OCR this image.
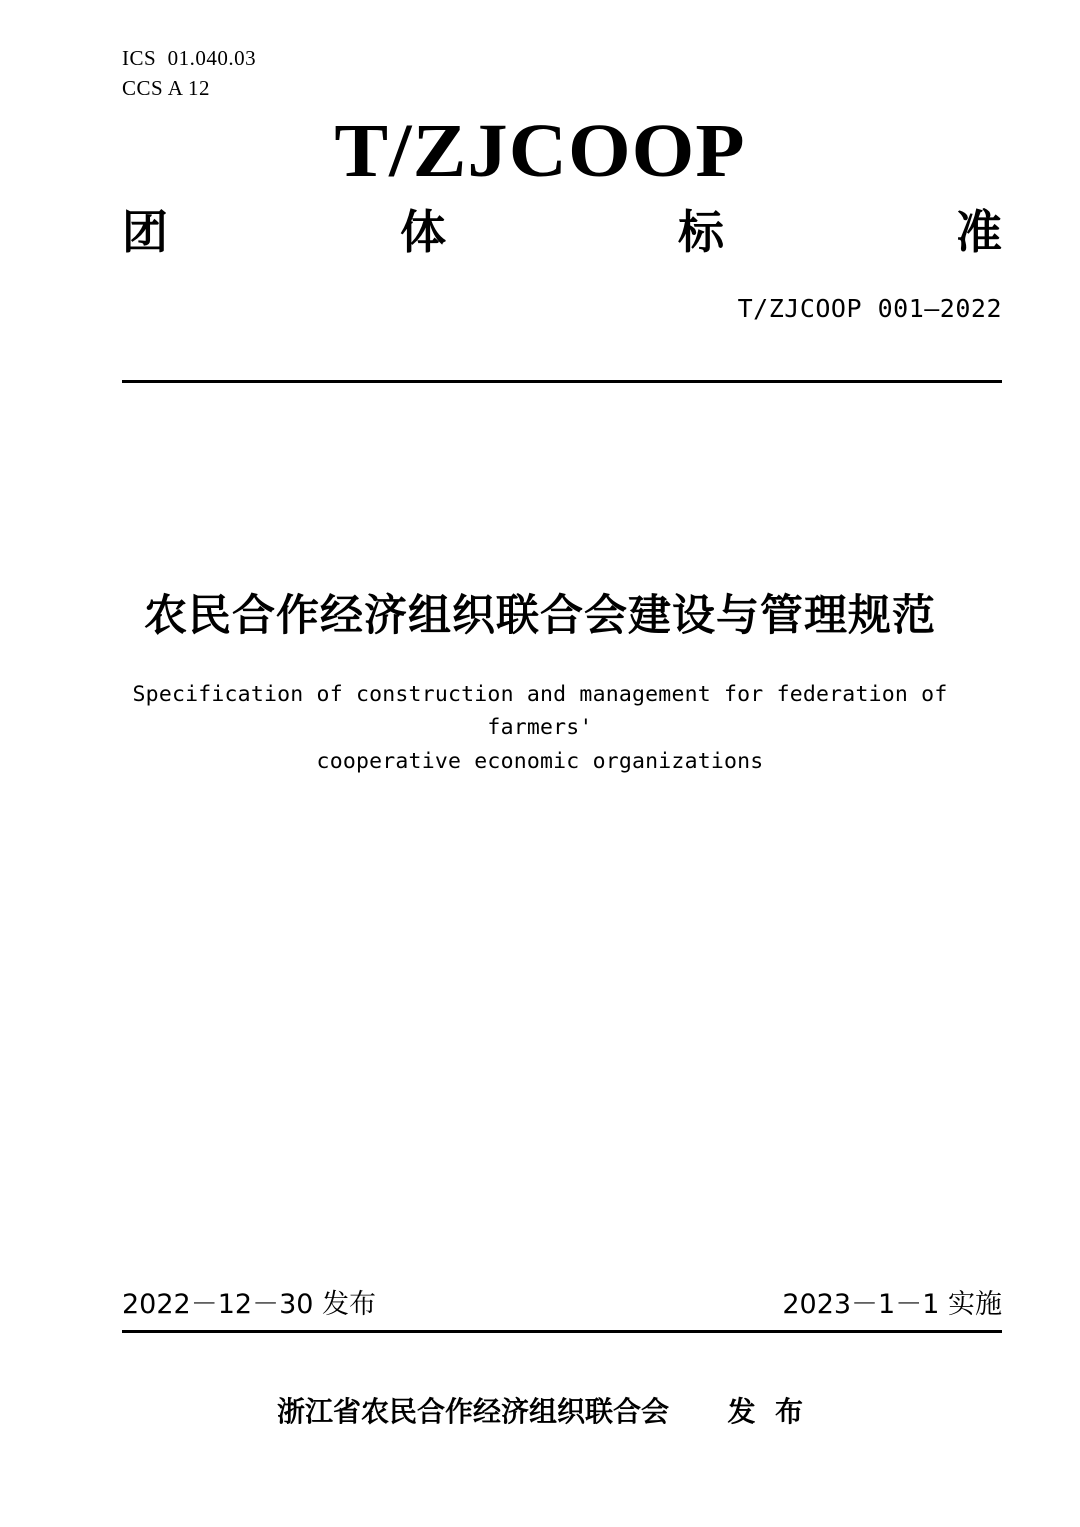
ICS  01.040.03
CCS A 12
T/ZJCOOP
团	体	标	准
T/ZJCOOP 001—2022
农民合作经济组织联合会建设与管理规范
Specification of construction and management for federation of farmers'
cooperative economic organizations
2022－12－30 发布	2023－1－1 实施
浙江省农民合作经济组织联合会      发  布
